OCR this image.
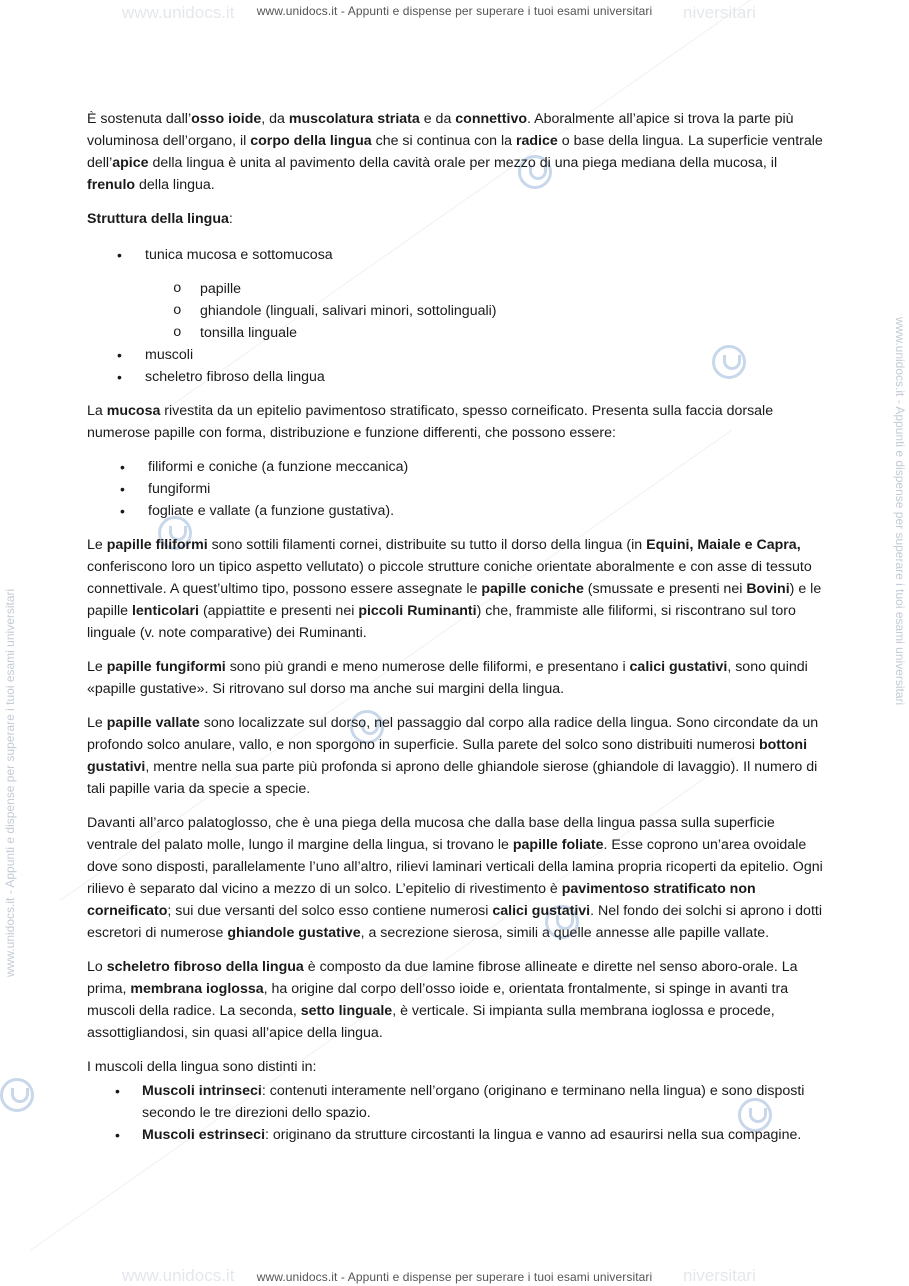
www.unidocs.it	niversitari
www.unidocs.it	niversitari
www.unidocs.it - Appunti e dispense per superare i tuoi esami universitari
www.unidocs.it - Appunti e dispense per superare i tuoi esami universitari
www.unidocs.it - Appunti e dispense per superare i tuoi esami universitari
www.unidocs.it - Appunti e dispense per superare i tuoi esami universitari

È sostenuta dall’osso ioide, da muscolatura striata e da connettivo. Aboralmente all’apice si trova la parte più voluminosa dell’organo, il corpo della lingua che si continua con la radice o base della lingua. La superficie ventrale dell’apice della lingua è unita al pavimento della cavità orale per mezzo di una piega mediana della mucosa, il frenulo della lingua.

Struttura della lingua:

• tunica mucosa e sottomucosa
o papille
o ghiandole (linguali, salivari minori, sottolinguali)
o tonsilla linguale
• muscoli
• scheletro fibroso della lingua

La mucosa rivestita da un epitelio pavimentoso stratificato, spesso corneificato. Presenta sulla faccia dorsale numerose papille con forma, distribuzione e funzione differenti, che possono essere:

• filiformi e coniche (a funzione meccanica)
• fungiformi
• fogliate e vallate (a funzione gustativa).

Le papille filiformi sono sottili filamenti cornei, distribuite su tutto il dorso della lingua (in Equini, Maiale e Capra, conferiscono loro un tipico aspetto vellutato) o piccole strutture coniche orientate aboralmente e con asse di tessuto connettivale. A quest’ultimo tipo, possono essere assegnate le papille coniche (smussate e presenti nei Bovini) e le papille lenticolari (appiattite e presenti nei piccoli Ruminanti) che, frammiste alle filiformi, si riscontrano sul toro linguale (v. note comparative) dei Ruminanti.

Le papille fungiformi sono più grandi e meno numerose delle filiformi, e presentano i calici gustativi, sono quindi «papille gustative». Si ritrovano sul dorso ma anche sui margini della lingua.

Le papille vallate sono localizzate sul dorso, nel passaggio dal corpo alla radice della lingua. Sono circondate da un profondo solco anulare, vallo, e non sporgono in superficie. Sulla parete del solco sono distribuiti numerosi bottoni gustativi, mentre nella sua parte più profonda si aprono delle ghiandole sierose (ghiandole di lavaggio). Il numero di tali papille varia da specie a specie.

Davanti all’arco palatoglosso, che è una piega della mucosa che dalla base della lingua passa sulla superficie ventrale del palato molle, lungo il margine della lingua, si trovano le papille foliate. Esse coprono un’area ovoidale dove sono disposti, parallelamente l’uno all’altro, rilievi laminari verticali della lamina propria ricoperti da epitelio. Ogni rilievo è separato dal vicino a mezzo di un solco. L’epitelio di rivestimento è pavimentoso stratificato non corneificato; sui due versanti del solco esso contiene numerosi calici gustativi. Nel fondo dei solchi si aprono i dotti escretori di numerose ghiandole gustative, a secrezione sierosa, simili a quelle annesse alle papille vallate.

Lo scheletro fibroso della lingua è composto da due lamine fibrose allineate e dirette nel senso aboro-orale. La prima, membrana ioglossa, ha origine dal corpo dell’osso ioide e, orientata frontalmente, si spinge in avanti tra muscoli della radice. La seconda, setto linguale, è verticale. Si impianta sulla membrana ioglossa e procede, assottigliandosi, sin quasi all’apice della lingua.

I muscoli della lingua sono distinti in:

• Muscoli intrinseci: contenuti interamente nell’organo (originano e terminano nella lingua) e sono disposti secondo le tre direzioni dello spazio.
• Muscoli estrinseci: originano da strutture circostanti la lingua e vanno ad esaurirsi nella sua compagine.
